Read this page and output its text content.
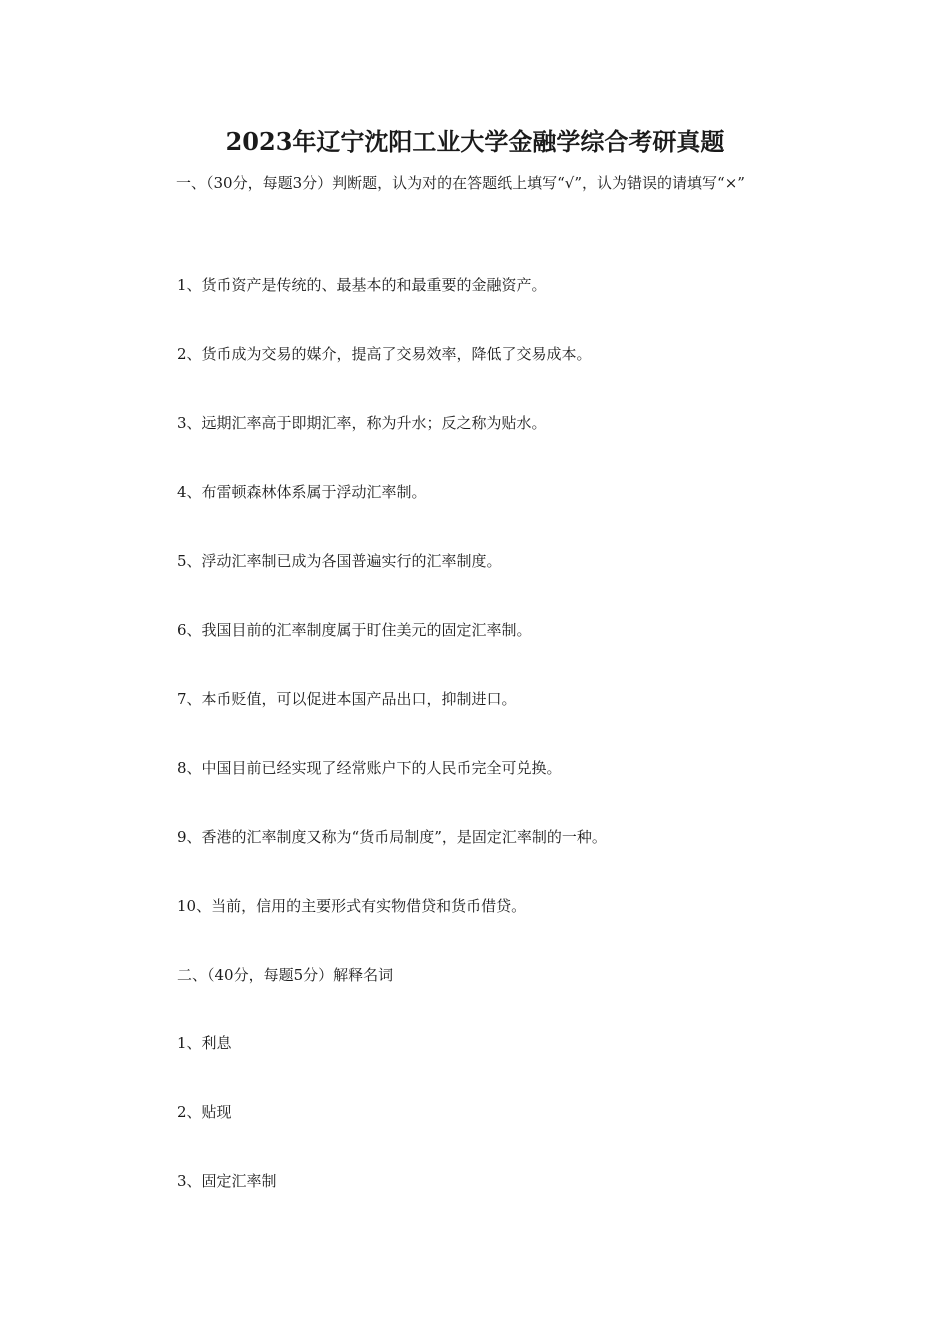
2023年辽宁沈阳工业大学金融学综合考研真题
一、（30分，每题3分）判断题，认为对的在答题纸上填写“√”，认为错误的请填写“×”
1、货币资产是传统的、最基本的和最重要的金融资产。
2、货币成为交易的媒介，提高了交易效率，降低了交易成本。
3、远期汇率高于即期汇率，称为升水；反之称为贴水。
4、布雷顿森林体系属于浮动汇率制。
5、浮动汇率制已成为各国普遍实行的汇率制度。
6、我国目前的汇率制度属于盯住美元的固定汇率制。
7、本币贬值，可以促进本国产品出口，抑制进口。
8、中国目前已经实现了经常账户下的人民币完全可兑换。
9、香港的汇率制度又称为“货币局制度”，是固定汇率制的一种。
10、当前，信用的主要形式有实物借贷和货币借贷。
二、（40分，每题5分）解释名词
1、利息
2、贴现
3、固定汇率制
